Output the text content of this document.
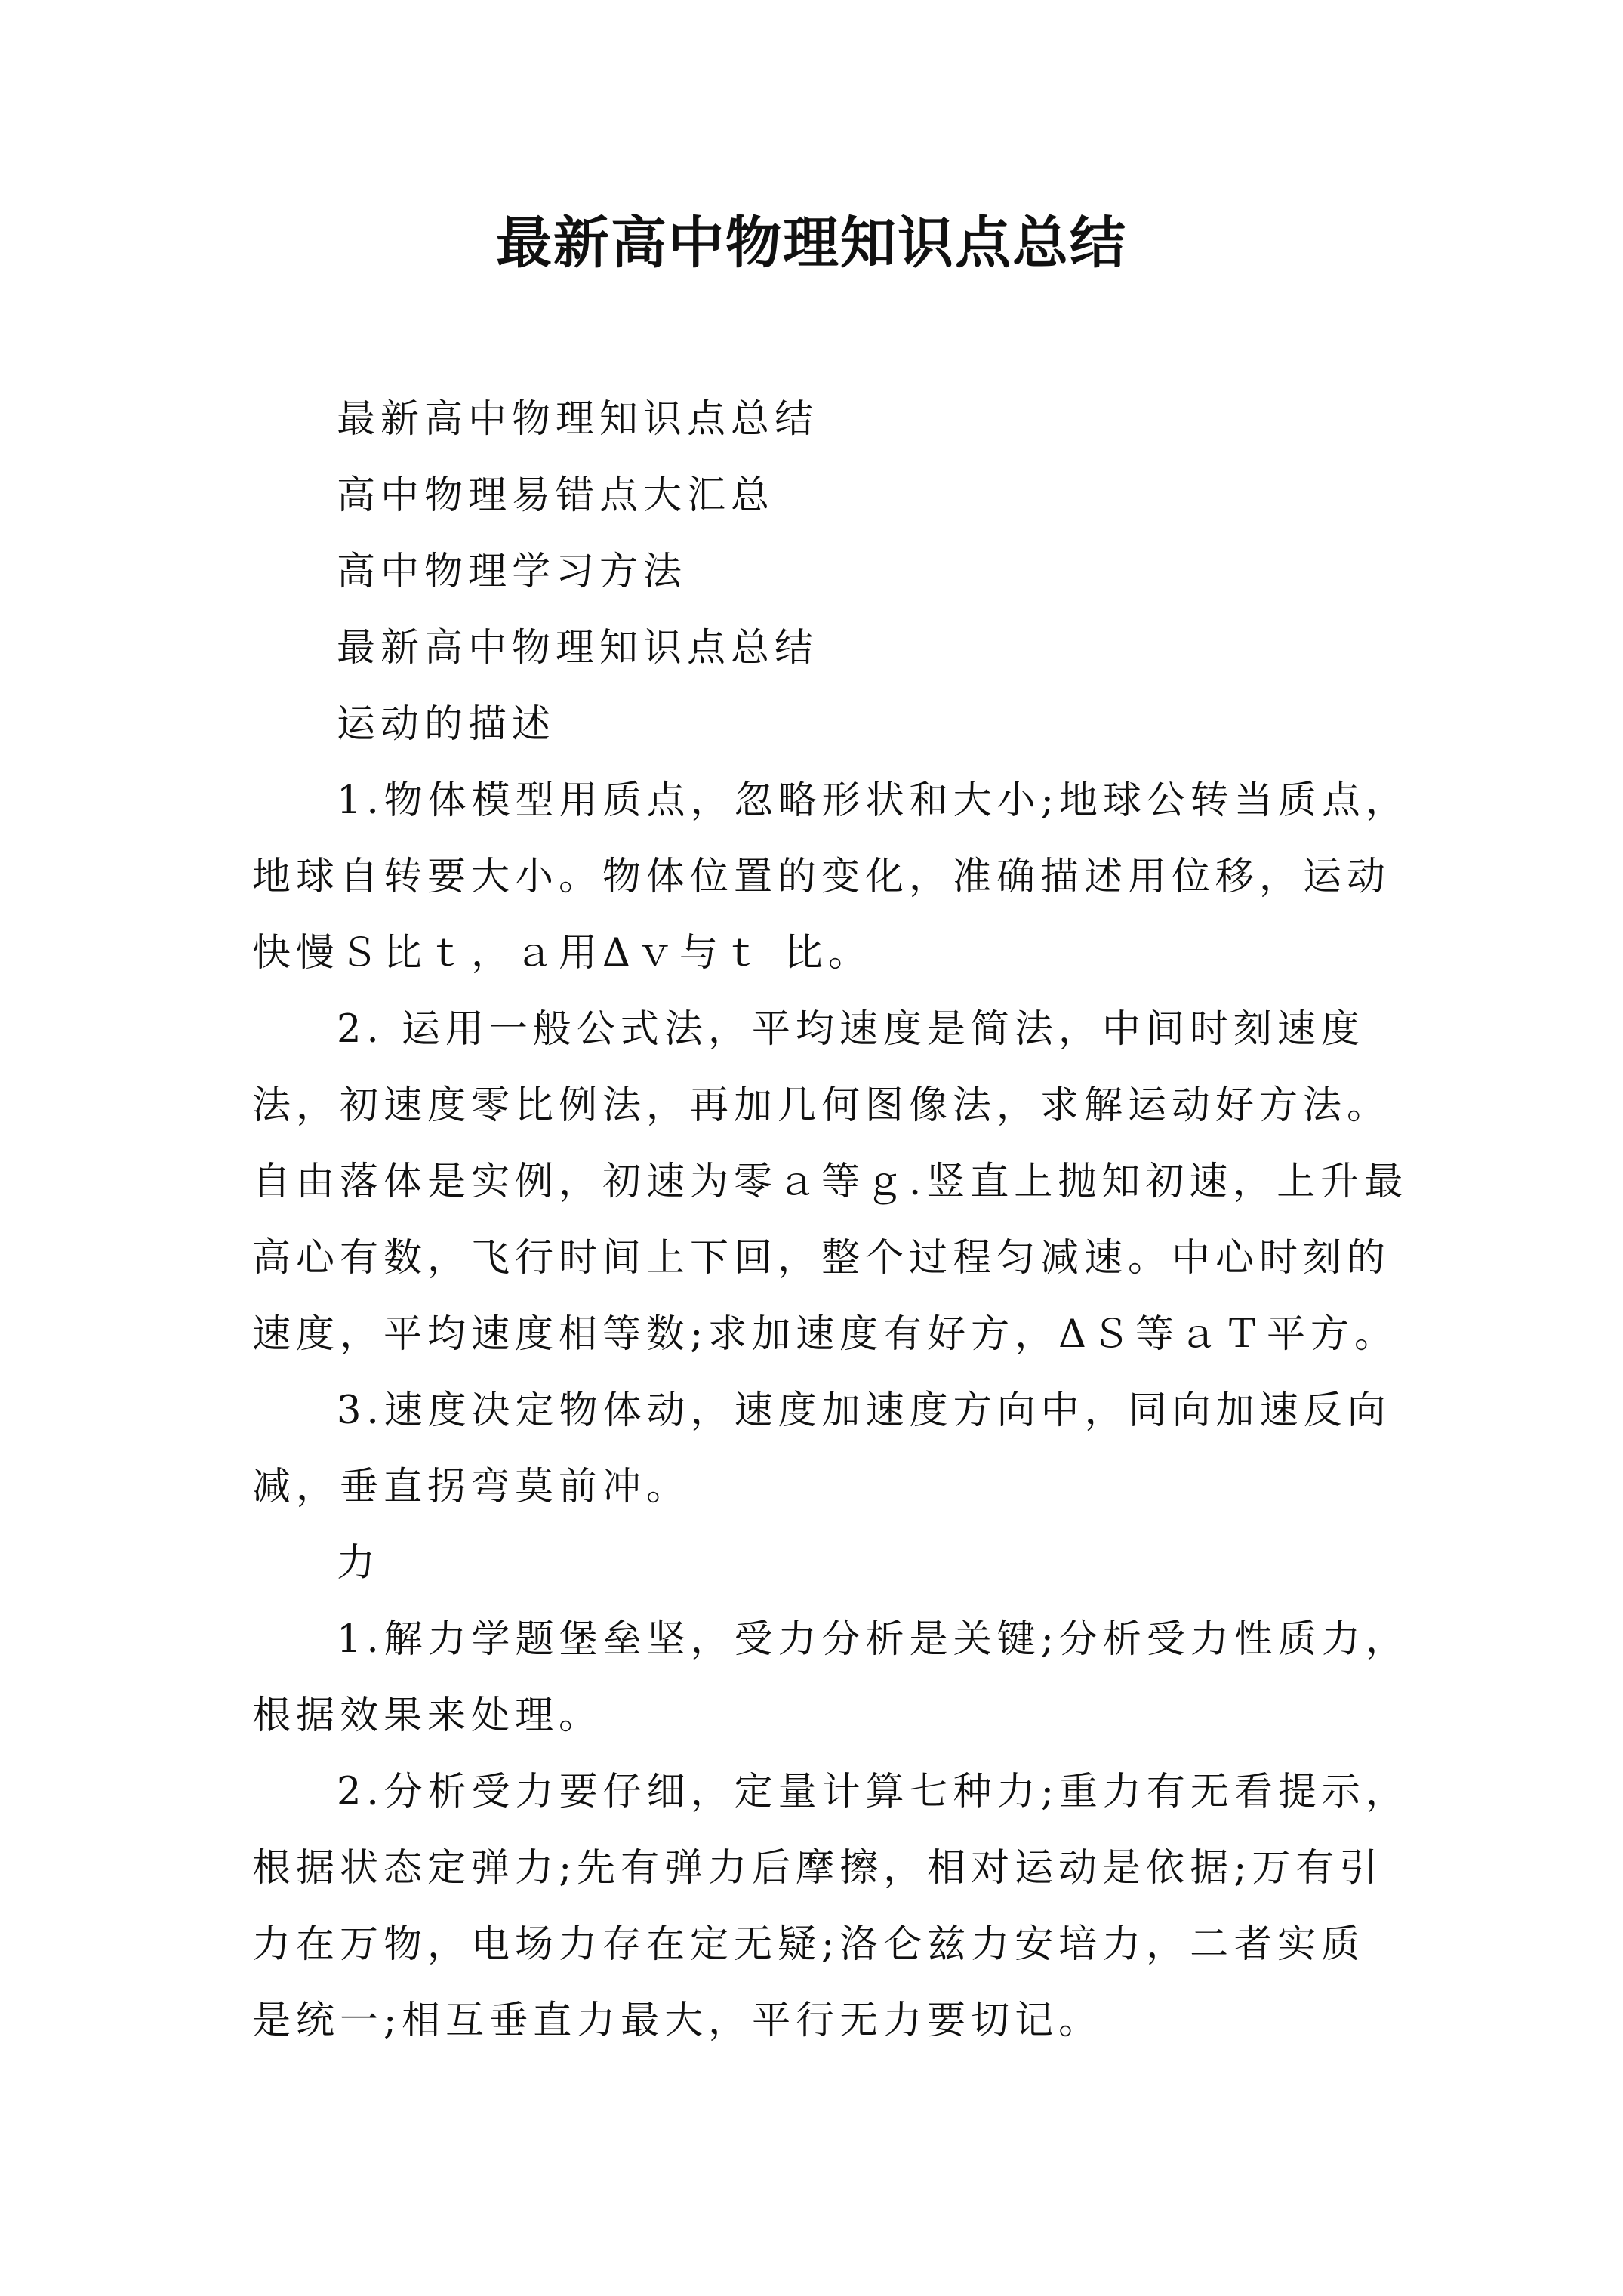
最新高中物理知识点总结
最新高中物理知识点总结
高中物理易错点大汇总
高中物理学习方法
最新高中物理知识点总结
运动的描述
1.物体模型用质点，忽略形状和大小;地球公转当质点，
地球自转要大小。物体位置的变化，准确描述用位移，运动
快慢Ｓ比ｔ，ａ用Δｖ与ｔ 比。
2. 运用一般公式法，平均速度是简法，中间时刻速度
法，初速度零比例法，再加几何图像法，求解运动好方法。
自由落体是实例，初速为零ａ等ｇ.竖直上抛知初速，上升最
高心有数，飞行时间上下回，整个过程匀减速。中心时刻的
速度，平均速度相等数;求加速度有好方，ΔＳ等ａＴ平方。
3.速度决定物体动，速度加速度方向中，同向加速反向
减，垂直拐弯莫前冲。
力
1.解力学题堡垒坚，受力分析是关键;分析受力性质力，
根据效果来处理。
2.分析受力要仔细，定量计算七种力;重力有无看提示，
根据状态定弹力;先有弹力后摩擦，相对运动是依据;万有引
力在万物，电场力存在定无疑;洛仑兹力安培力，二者实质
是统一;相互垂直力最大，平行无力要切记。
